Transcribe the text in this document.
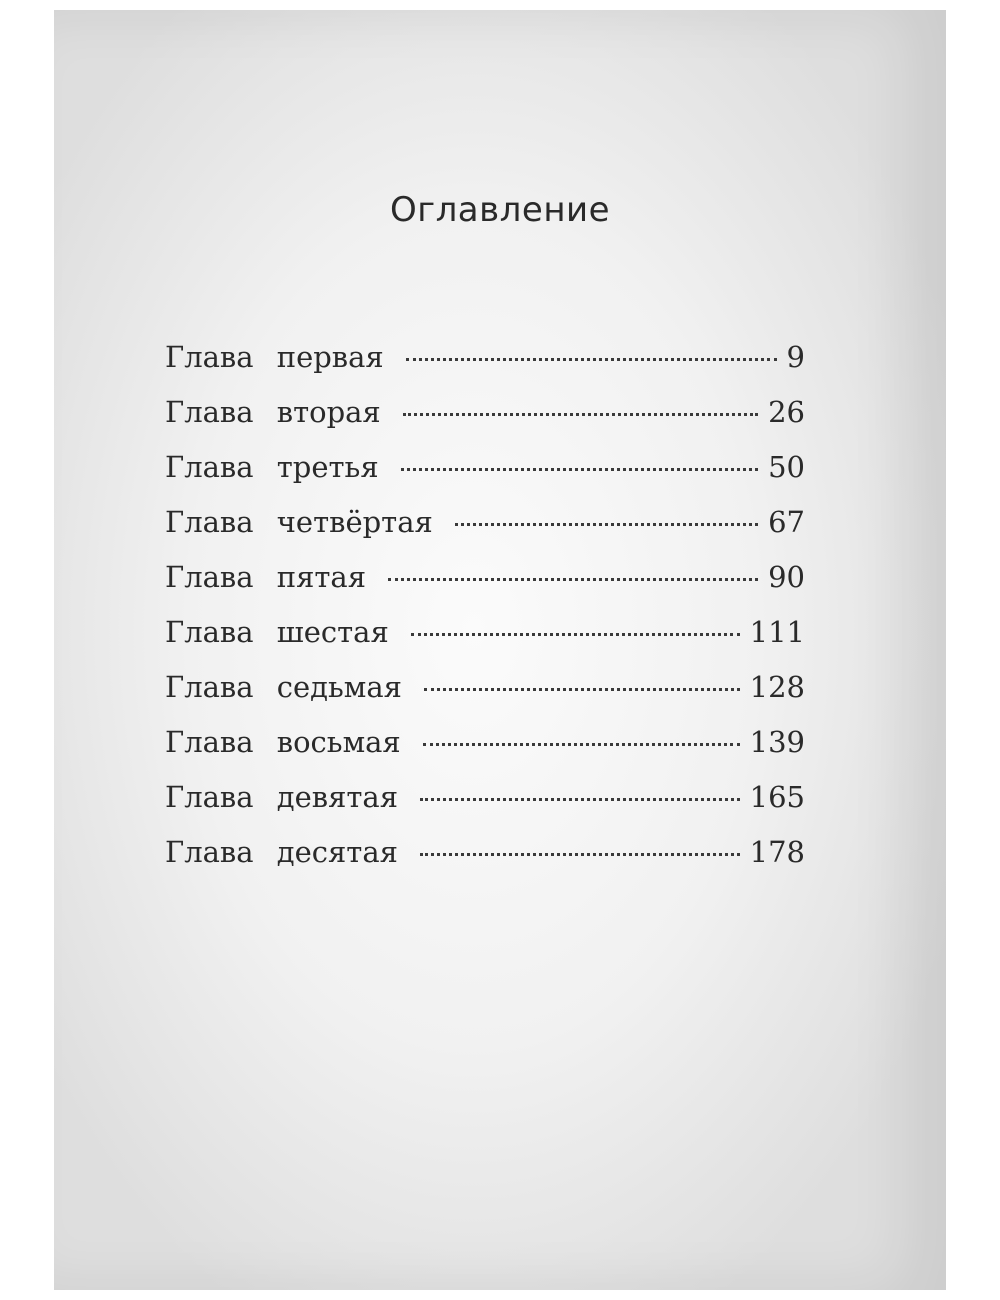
Оглавление
Глава первая	9
Глава вторая	26
Глава третья	50
Глава четвёртая	67
Глава пятая	90
Глава шестая	111
Глава седьмая	128
Глава восьмая	139
Глава девятая	165
Глава десятая	178
